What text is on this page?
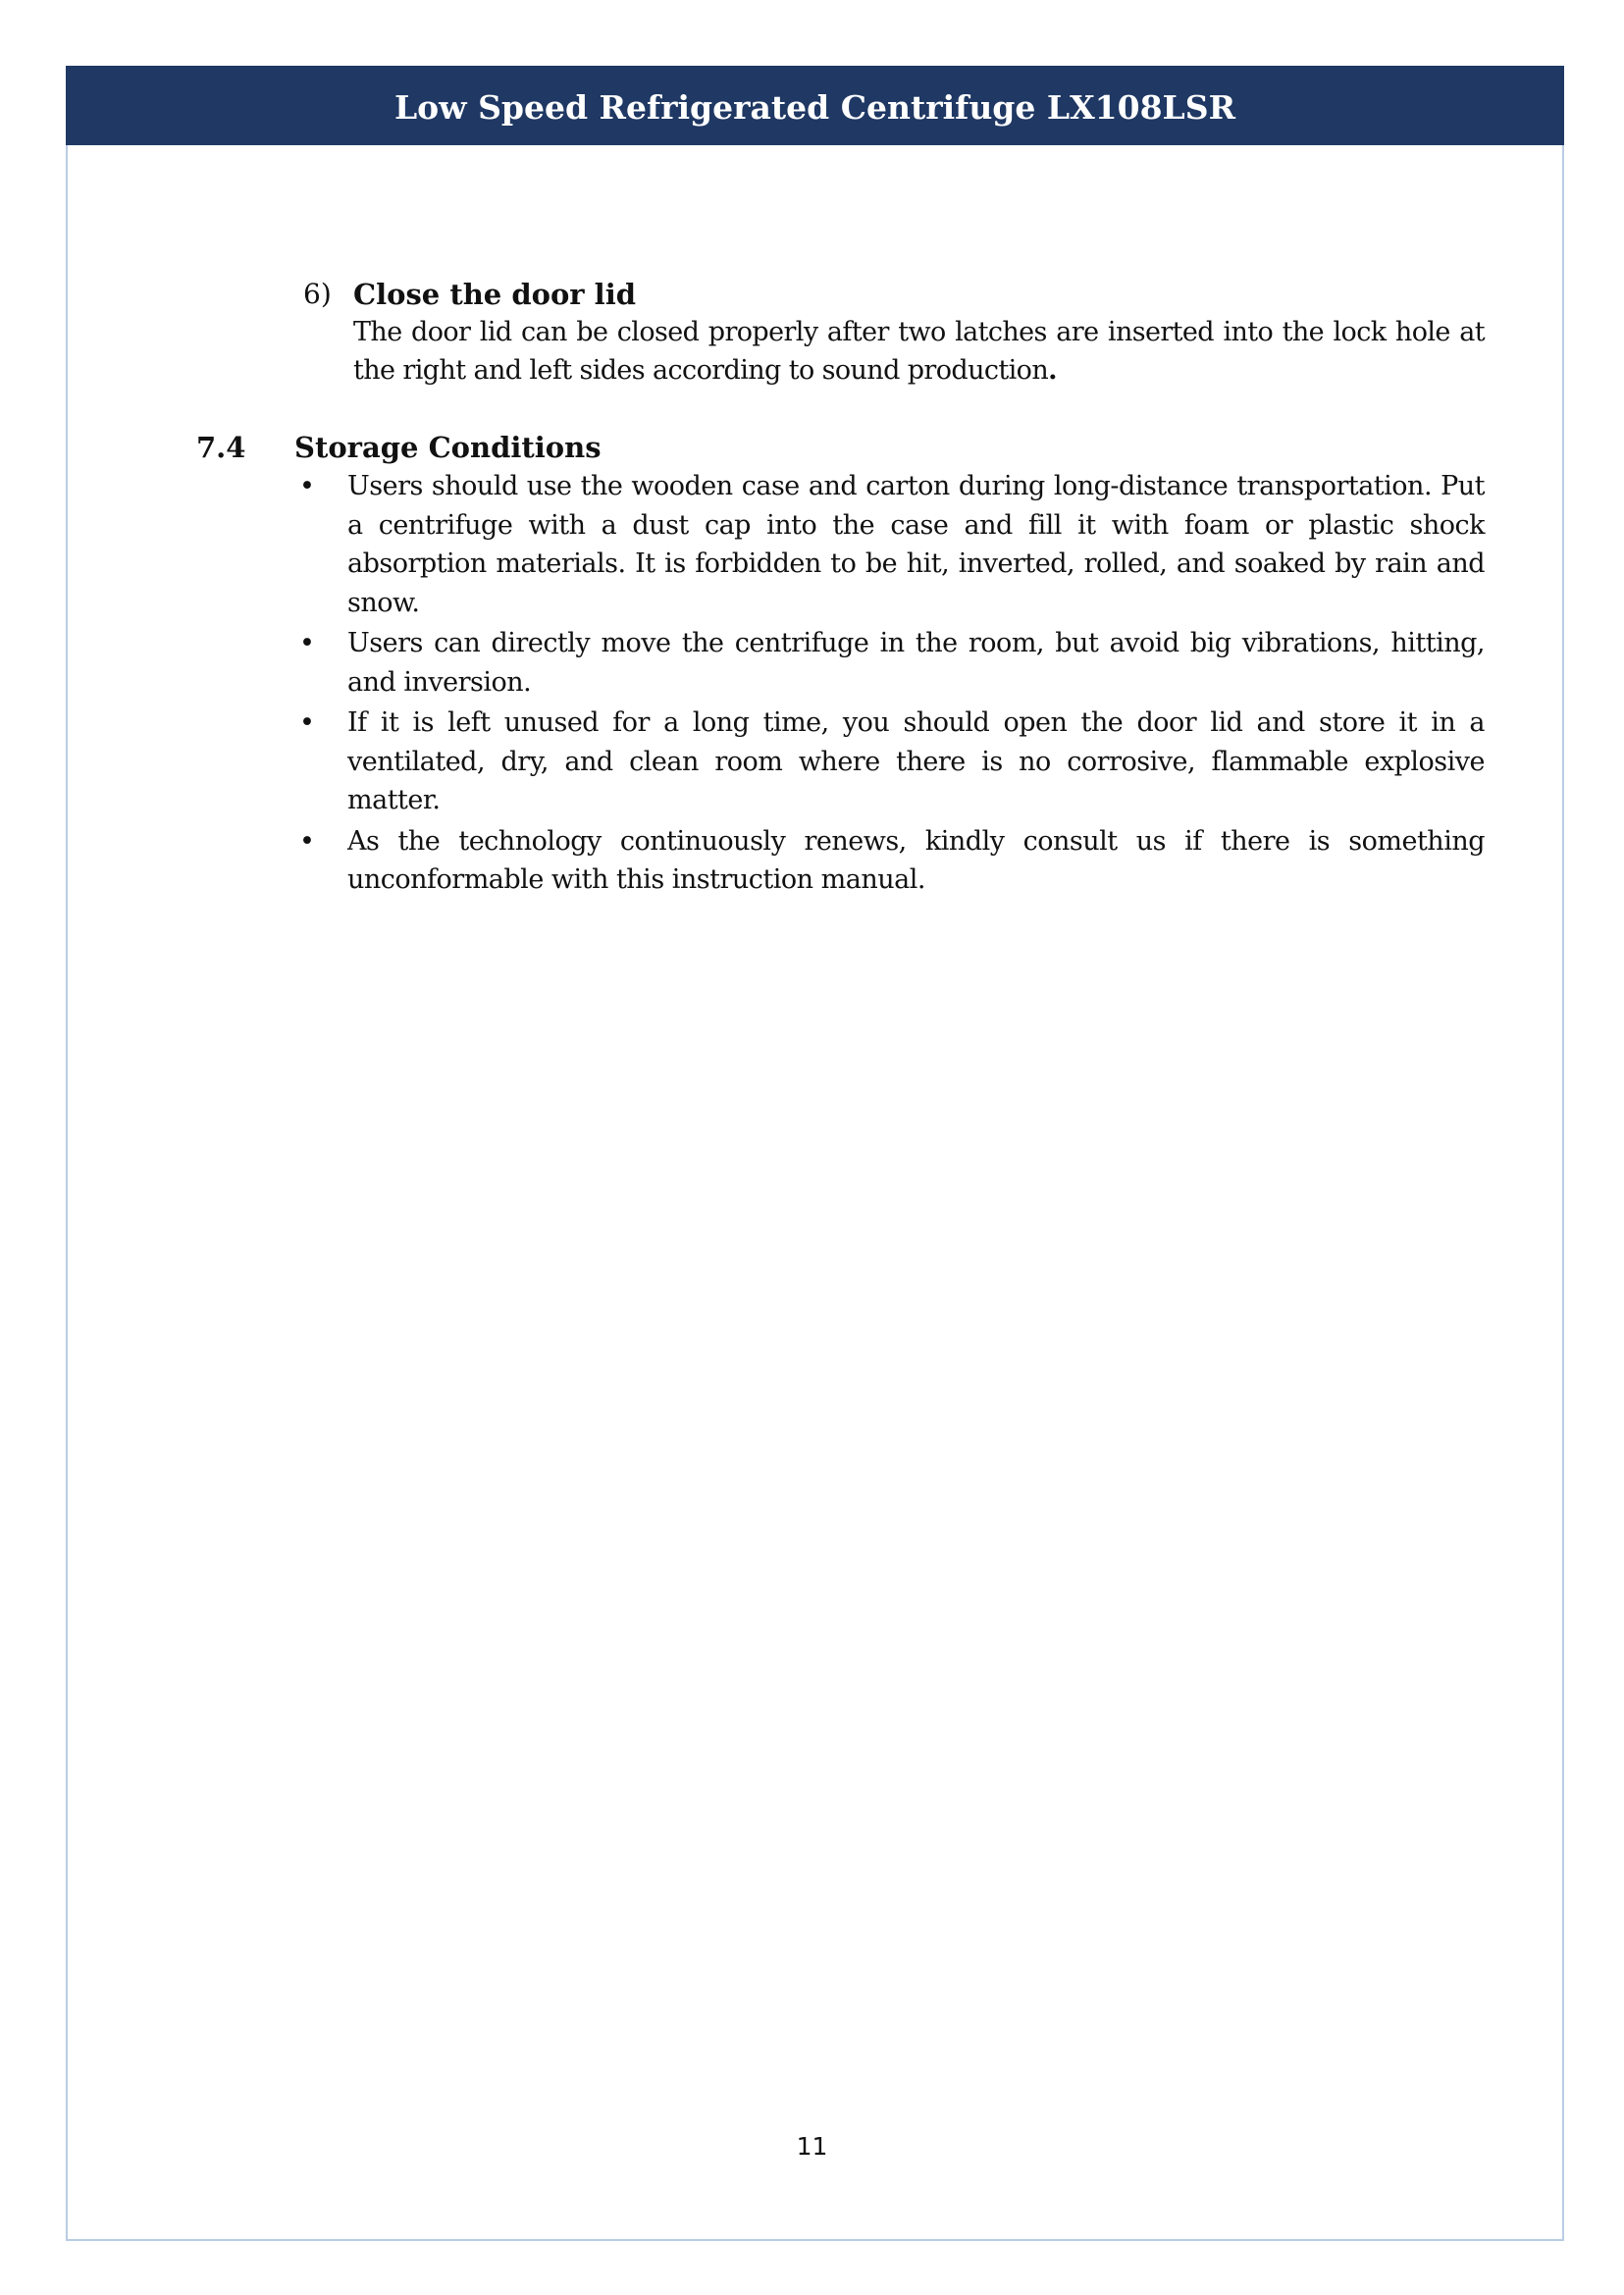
Low Speed Refrigerated Centrifuge LX108LSR
6) Close the door lid
The door lid can be closed properly after two latches are inserted into the lock hole at the right and left sides according to sound production.
7.4 Storage Conditions
• Users should use the wooden case and carton during long-distance transportation. Put a centrifuge with a dust cap into the case and fill it with foam or plastic shock absorption materials. It is forbidden to be hit, inverted, rolled, and soaked by rain and snow.
• Users can directly move the centrifuge in the room, but avoid big vibrations, hitting, and inversion.
• If it is left unused for a long time, you should open the door lid and store it in a ventilated, dry, and clean room where there is no corrosive, flammable explosive matter.
• As the technology continuously renews, kindly consult us if there is something unconformable with this instruction manual.
11
